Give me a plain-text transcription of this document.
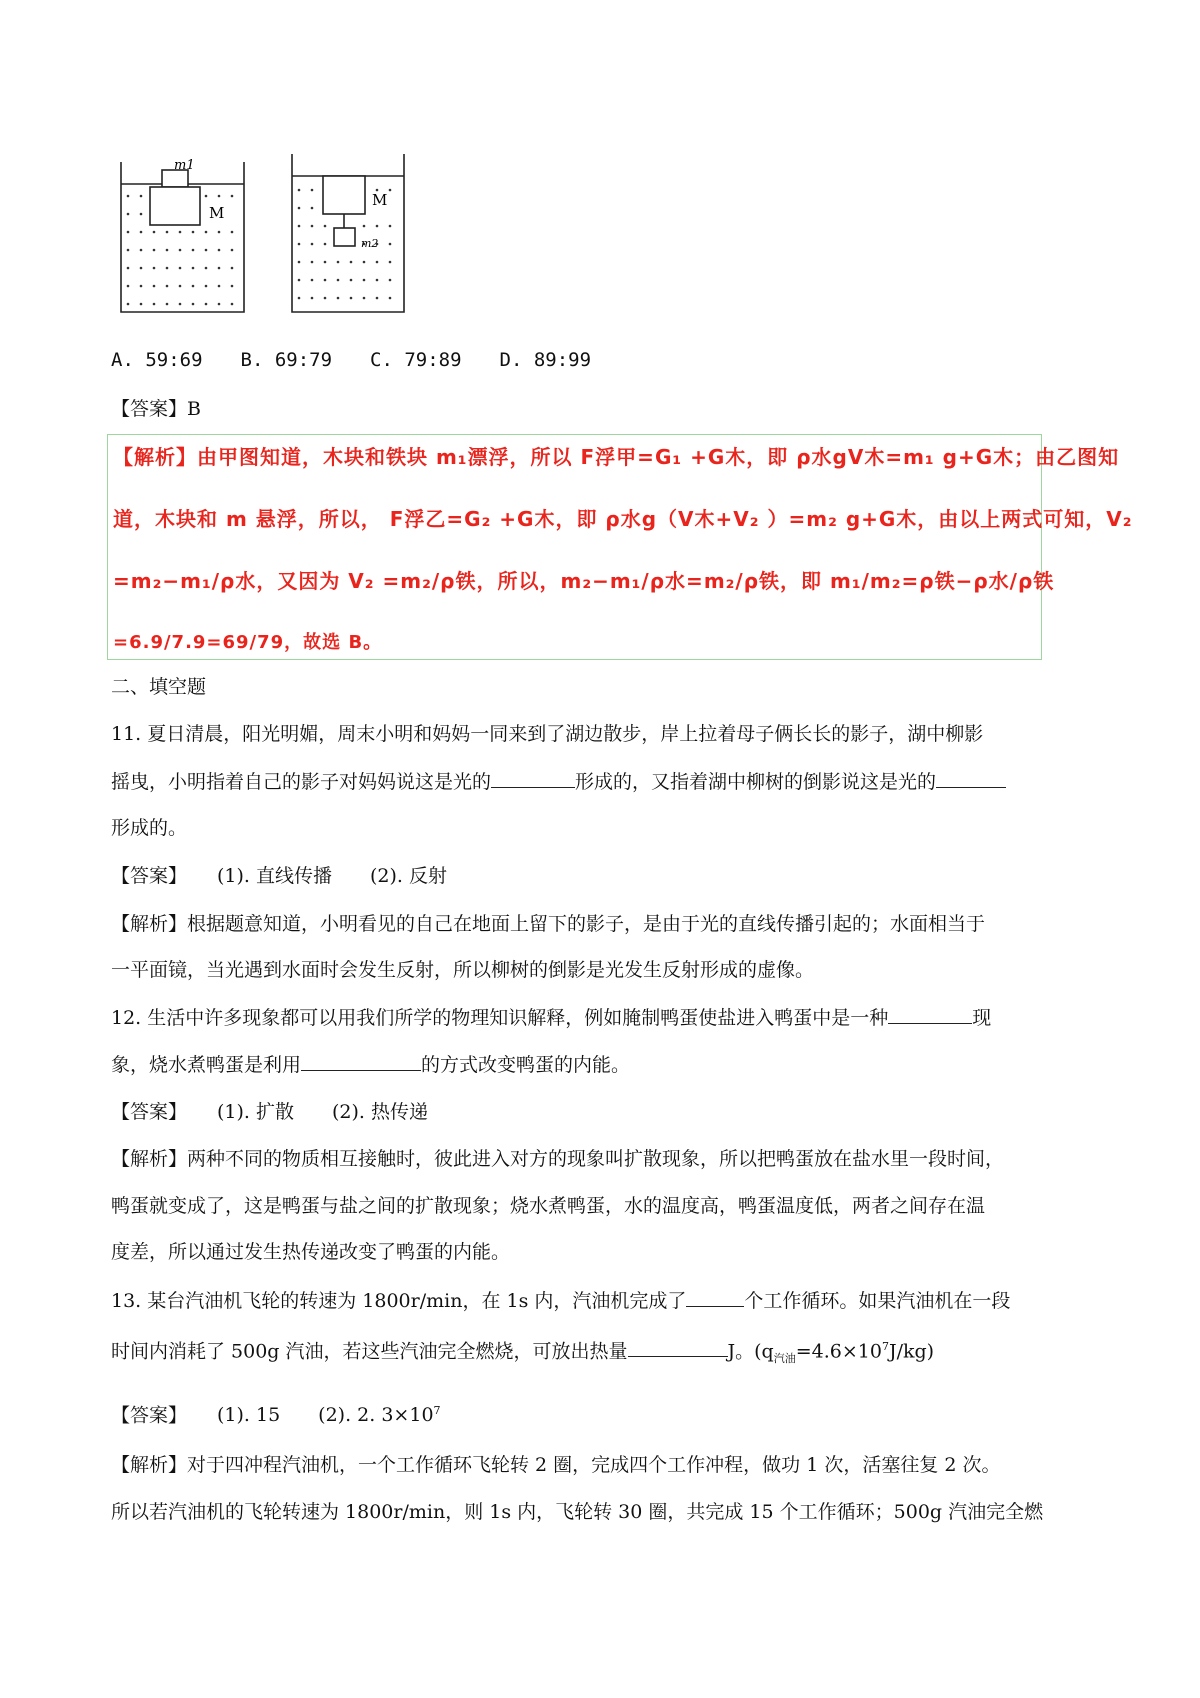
m1
M
M
m2
A. 59:69　　B. 69:79　　C. 79:89　　D. 89:99
【答案】B
【解析】由甲图知道，木块和铁块 m₁漂浮，所以 F浮甲=G₁ +G木，即 ρ水gV木=m₁ g+G木；由乙图知
道，木块和 m 悬浮，所以， F浮乙=G₂ +G木，即 ρ水g（V木+V₂ ）=m₂ g+G木，由以上两式可知，V₂
=m₂−m₁/ρ水，又因为 V₂ =m₂/ρ铁，所以，m₂−m₁/ρ水=m₂/ρ铁，即 m₁/m₂=ρ铁−ρ水/ρ铁
=6.9/7.9=69/79，故选 B。
二、填空题
11. 夏日清晨，阳光明媚，周末小明和妈妈一同来到了湖边散步，岸上拉着母子俩长长的影子，湖中柳影
摇曳，小明指着自己的影子对妈妈说这是光的	形成的，又指着湖中柳树的倒影说这是光的
形成的。
【答案】 (1). 直线传播　　(2). 反射
【解析】根据题意知道，小明看见的自己在地面上留下的影子，是由于光的直线传播引起的；水面相当于
一平面镜，当光遇到水面时会发生反射，所以柳树的倒影是光发生反射形成的虚像。
12. 生活中许多现象都可以用我们所学的物理知识解释，例如腌制鸭蛋使盐进入鸭蛋中是一种	现
象，烧水煮鸭蛋是利用	的方式改变鸭蛋的内能。
【答案】 (1). 扩散　　(2). 热传递
【解析】两种不同的物质相互接触时，彼此进入对方的现象叫扩散现象，所以把鸭蛋放在盐水里一段时间，
鸭蛋就变成了，这是鸭蛋与盐之间的扩散现象；烧水煮鸭蛋，水的温度高，鸭蛋温度低，两者之间存在温
度差，所以通过发生热传递改变了鸭蛋的内能。
13. 某台汽油机飞轮的转速为 1800r/min，在 1s 内，汽油机完成了	个工作循环。如果汽油机在一段
时间内消耗了 500g 汽油，若这些汽油完全燃烧，可放出热量	J。$(q_{汽油}=4.6\times 10^7J/kg)$
【答案】 (1). 15　　(2). 2. $3\times 10^7$
【解析】对于四冲程汽油机，一个工作循环飞轮转 2 圈，完成四个工作冲程，做功 1 次，活塞往复 2 次。
所以若汽油机的飞轮转速为 1800r/min，则 1s 内，飞轮转 30 圈，共完成 15 个工作循环；500g 汽油完全燃
